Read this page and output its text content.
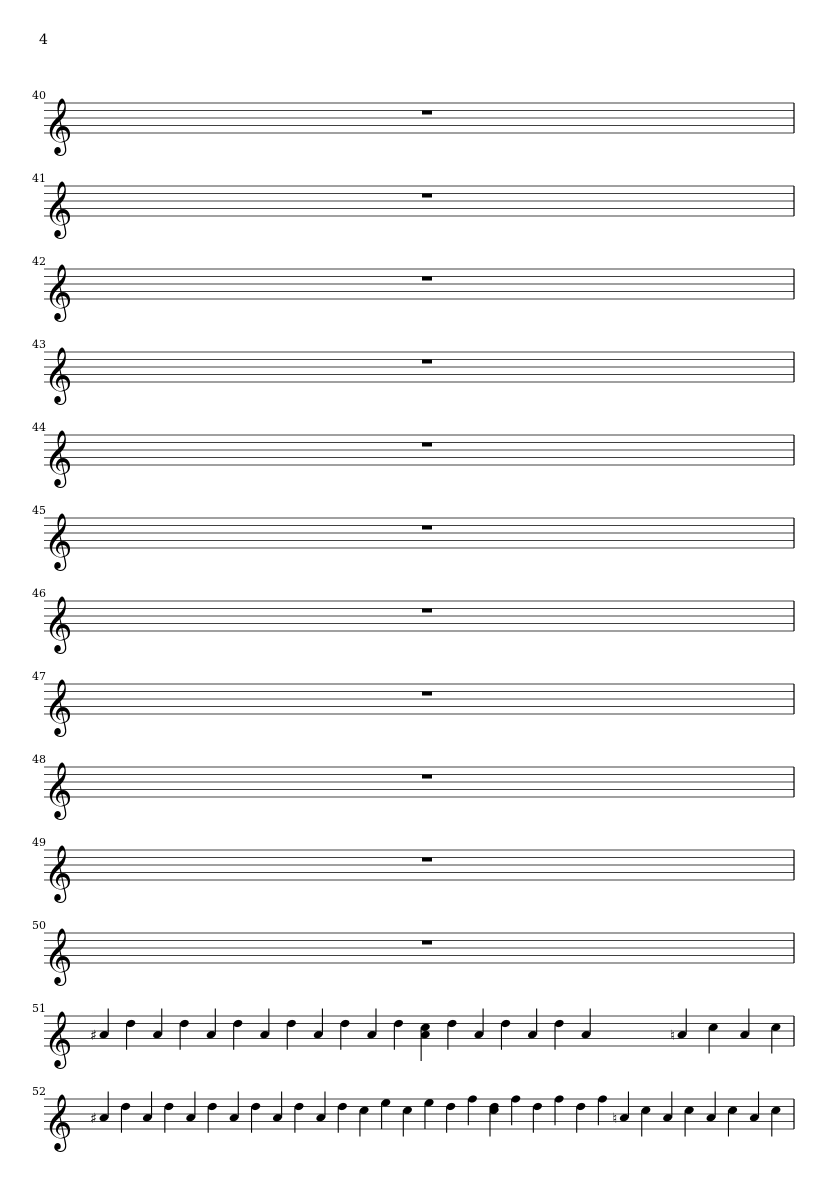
4
40
𝄞
41
𝄞
42
𝄞
43
𝄞
44
𝄞
45
𝄞
46
𝄞
47
𝄞
48
𝄞
49
𝄞
50
𝄞
51
𝄞 ♯	♮
52
𝄞 ♯	♮
